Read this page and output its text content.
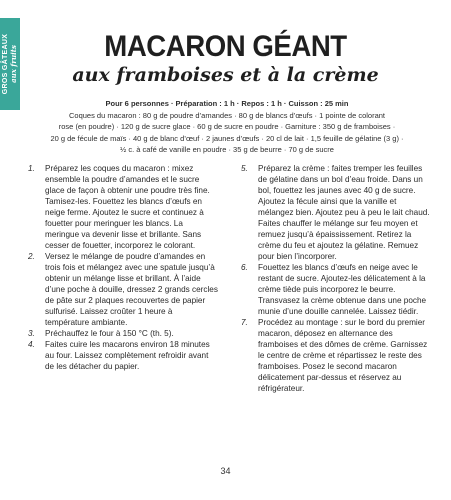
GROS GÂTEAUX aux fruits	MACARON GÉANT
aux framboises et à la crème

Pour 6 personnes · Préparation : 1 h · Repos : 1 h · Cuisson : 25 min

Coques du macaron : 80 g de poudre d’amandes · 80 g de blancs d’œufs · 1 pointe de colorant

rose (en poudre) · 120 g de sucre glace · 60 g de sucre en poudre · Garniture : 350 g de framboises ·

20 g de fécule de maïs · 40 g de blanc d’œuf · 2 jaunes d’œufs · 20 cl de lait · 1,5 feuille de gélatine (3 g) ·

½ c. à café de vanille en poudre · 35 g de beurre · 70 g de sucre

1. Préparez les coques du macaron : mixez ensemble la poudre d’amandes et le sucre glace de façon à obtenir une poudre très fine. Tamisez-les. Fouettez les blancs d’œufs en neige ferme. Ajoutez le sucre et continuez à fouetter pour meringuer les blancs. La meringue va devenir lisse et brillante. Sans cesser de fouetter, incorporez le colorant.
2. Versez le mélange de poudre d’amandes en trois fois et mélangez avec une spatule jusqu’à obtenir un mélange lisse et brillant. À l’aide d’une poche à douille, dressez 2 grands cercles de pâte sur 2 plaques recouvertes de papier sulfurisé. Laissez croûter 1 heure à température ambiante.
3. Préchauffez le four à 150 °C (th. 5).
4. Faites cuire les macarons environ 18 minutes au four. Laissez complètement refroidir avant de les détacher du papier.
5. Préparez la crème : faites tremper les feuilles de gélatine dans un bol d’eau froide. Dans un bol, fouettez les jaunes avec 40 g de sucre. Ajoutez la fécule ainsi que la vanille et mélangez bien. Ajoutez peu à peu le lait chaud. Faites chauffer le mélange sur feu moyen et remuez jusqu’à épaississement. Retirez la crème du feu et ajoutez la gélatine. Remuez pour bien l’incorporer.
6. Fouettez les blancs d’œufs en neige avec le restant de sucre. Ajoutez-les délicatement à la crème tiède puis incorporez le beurre. Transvasez la crème obtenue dans une poche munie d’une douille cannelée. Laissez tiédir.
7. Procédez au montage : sur le bord du premier macaron, déposez en alternance des framboises et des dômes de crème. Garnissez le centre de crème et répartissez le reste des framboises. Posez le second macaron délicatement par-dessus et réservez au réfrigérateur.
34
